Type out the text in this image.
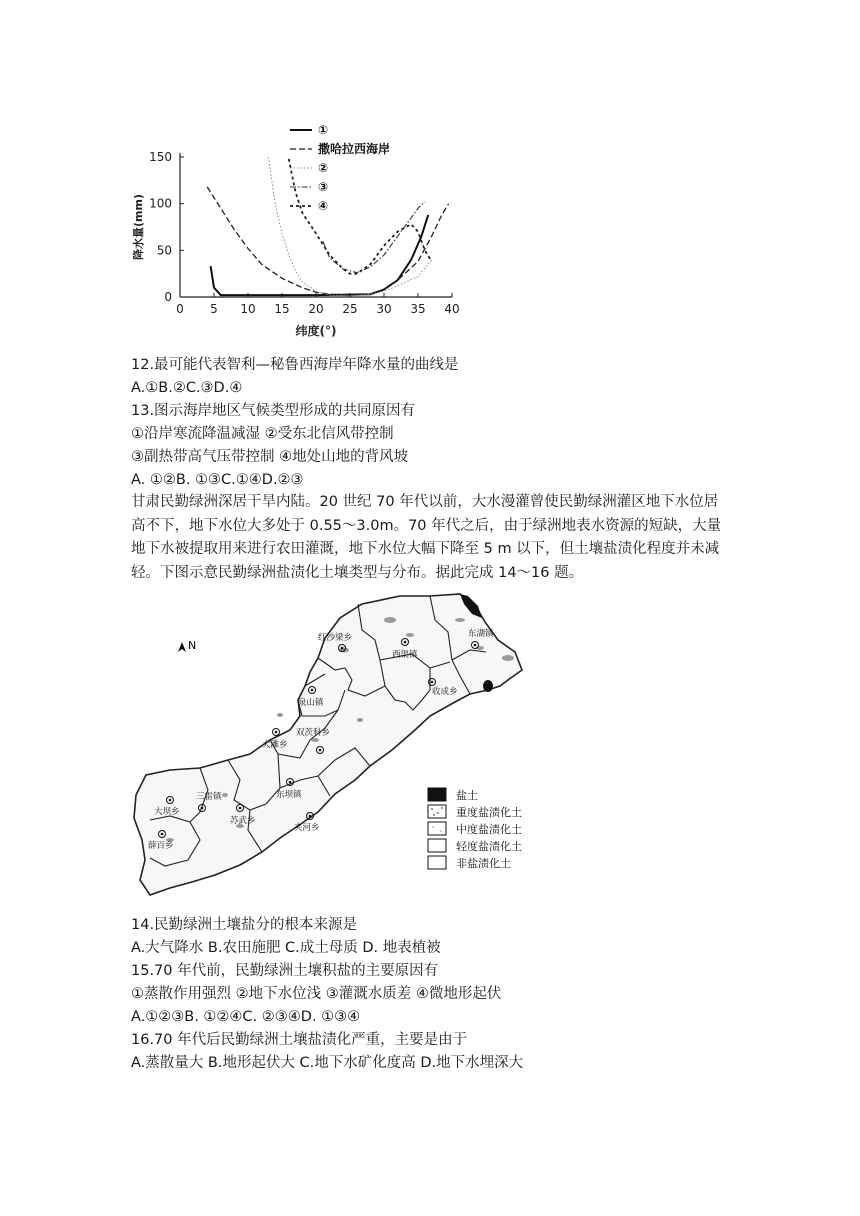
0 5 10 15 20 25 30 35 40
0
50
100
150
纬度(°)
降水量(mm)
①
撒哈拉西海岸
②
③
④
12.最可能代表智利—秘鲁西海岸年降水量的曲线是
A.①B.②C.③D.④
13.图示海岸地区气候类型形成的共同原因有
①沿岸寒流降温减湿 ②受东北信风带控制
③副热带高气压带控制 ④地处山地的背风坡
A. ①②B. ①③C.①④D.②③
甘肃民勤绿洲深居干旱内陆。20 世纪 70 年代以前，大水漫灌曾使民勤绿洲灌区地下水位居高不下，地下水位大多处于 0.55～3.0m。70 年代之后，由于绿洲地表水资源的短缺，大量地下水被提取用来进行农田灌溉，地下水位大幅下降至 5 m 以下，但土壤盐渍化程度并未减轻。下图示意民勤绿洲盐渍化土壤类型与分布。据此完成 14～16 题。
N
红沙梁乡
西渠镇
东湖镇
收成乡
泉山镇
大滩乡
双茨科乡
东坝镇
三雷镇
大坝乡
苏武乡
夹河乡
薛百乡
盐土
重度盐渍化土
中度盐渍化土
轻度盐渍化土
非盐渍化土
14.民勤绿洲土壤盐分的根本来源是
A.大气降水 B.农田施肥 C.成土母质 D. 地表植被
15.70 年代前，民勤绿洲土壤积盐的主要原因有
①蒸散作用强烈 ②地下水位浅 ③灌溉水质差 ④微地形起伏
A.①②③B. ①②④C. ②③④D. ①③④
16.70 年代后民勤绿洲土壤盐渍化严重，主要是由于
A.蒸散量大 B.地形起伏大 C.地下水矿化度高 D.地下水埋深大
